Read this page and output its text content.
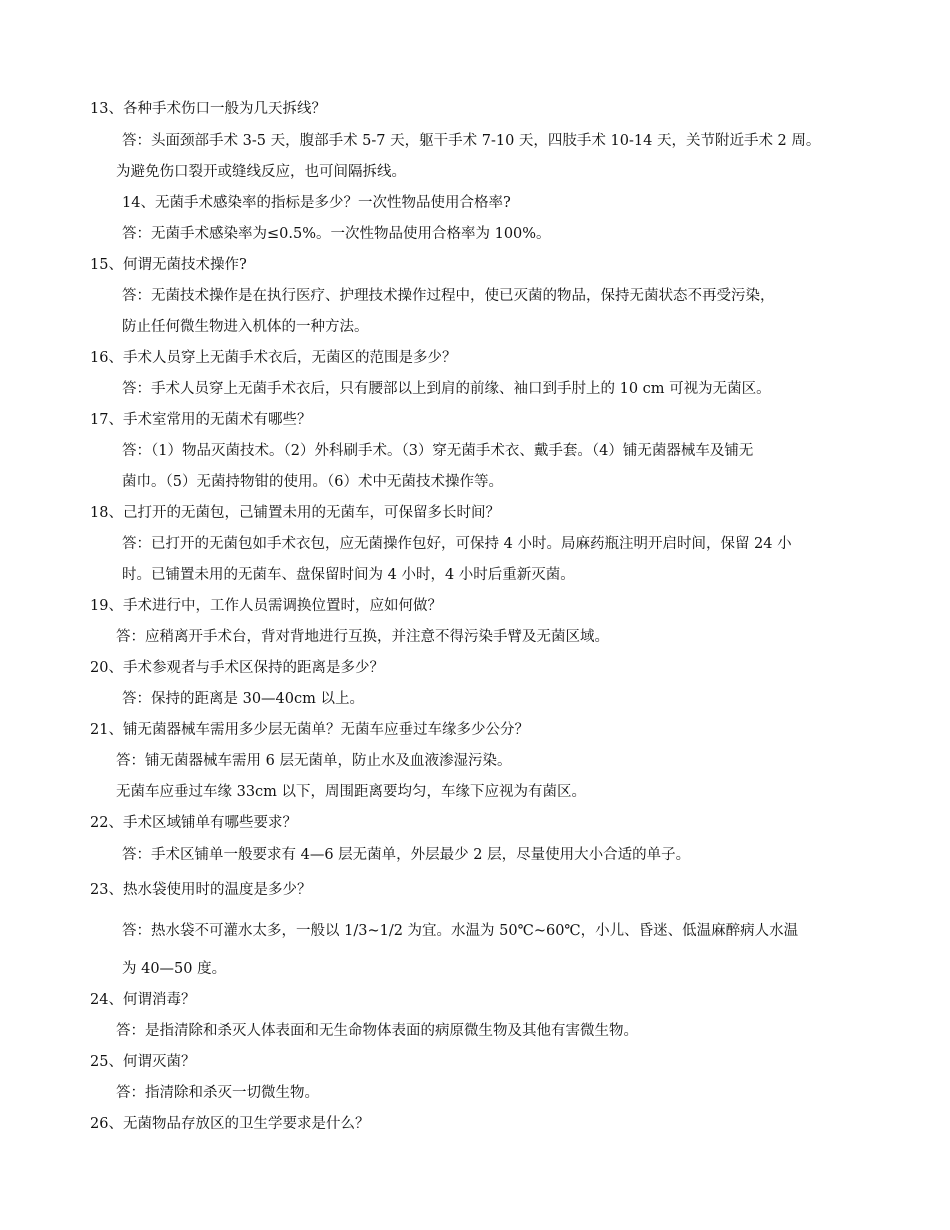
13、各种手术伤口一般为几天拆线？
答：头面颈部手术 3-5 天，腹部手术 5-7 天，躯干手术 7-10 天，四肢手术 10-14 天，关节附近手术 2 周。
为避免伤口裂开或缝线反应，也可间隔拆线。
14、无菌手术感染率的指标是多少？一次性物品使用合格率?
答：无菌手术感染率为≤0.5%。一次性物品使用合格率为 100%。
15、何谓无菌技术操作?
答：无菌技术操作是在执行医疗、护理技术操作过程中，使已灭菌的物品，保持无菌状态不再受污染，
防止任何微生物进入机体的一种方法。
16、手术人员穿上无菌手术衣后，无菌区的范围是多少？
答：手术人员穿上无菌手术衣后，只有腰部以上到肩的前缘、袖口到手肘上的 10 cm 可视为无菌区。
17、手术室常用的无菌术有哪些？
答：（1）物品灭菌技术。（2）外科刷手术。（3）穿无菌手术衣、戴手套。（4）铺无菌器械车及铺无
菌巾。（5）无菌持物钳的使用。（6）术中无菌技术操作等。
18、己打开的无菌包，己铺置未用的无菌车，可保留多长时间？
答：已打开的无菌包如手术衣包，应无菌操作包好，可保持 4 小时。局麻药瓶注明开启时间，保留 24 小
时。已铺置未用的无菌车、盘保留时间为 4 小时，4 小时后重新灭菌。
19、手术进行中，工作人员需调换位置时，应如何做？
答：应稍离开手术台，背对背地进行互换，并注意不得污染手臂及无菌区域。
20、手术参观者与手术区保持的距离是多少？
答：保持的距离是 30—40cm 以上。
21、铺无菌器械车需用多少层无菌单？无菌车应垂过车缘多少公分？
答：铺无菌器械车需用 6 层无菌单，防止水及血液渗湿污染。
无菌车应垂过车缘 33cm 以下，周围距离要均匀，车缘下应视为有菌区。
22、手术区域铺单有哪些要求？
答：手术区铺单一般要求有 4—6 层无菌单，外层最少 2 层，尽量使用大小合适的单子。
23、热水袋使用时的温度是多少？
答：热水袋不可灌水太多，一般以 1/3~1/2 为宜。水温为 50℃~60℃，小儿、昏迷、低温麻醉病人水温
为 40—50 度。
24、何谓消毒？
答：是指清除和杀灭人体表面和无生命物体表面的病原微生物及其他有害微生物。
25、何谓灭菌？
答：指清除和杀灭一切微生物。
26、无菌物品存放区的卫生学要求是什么？
